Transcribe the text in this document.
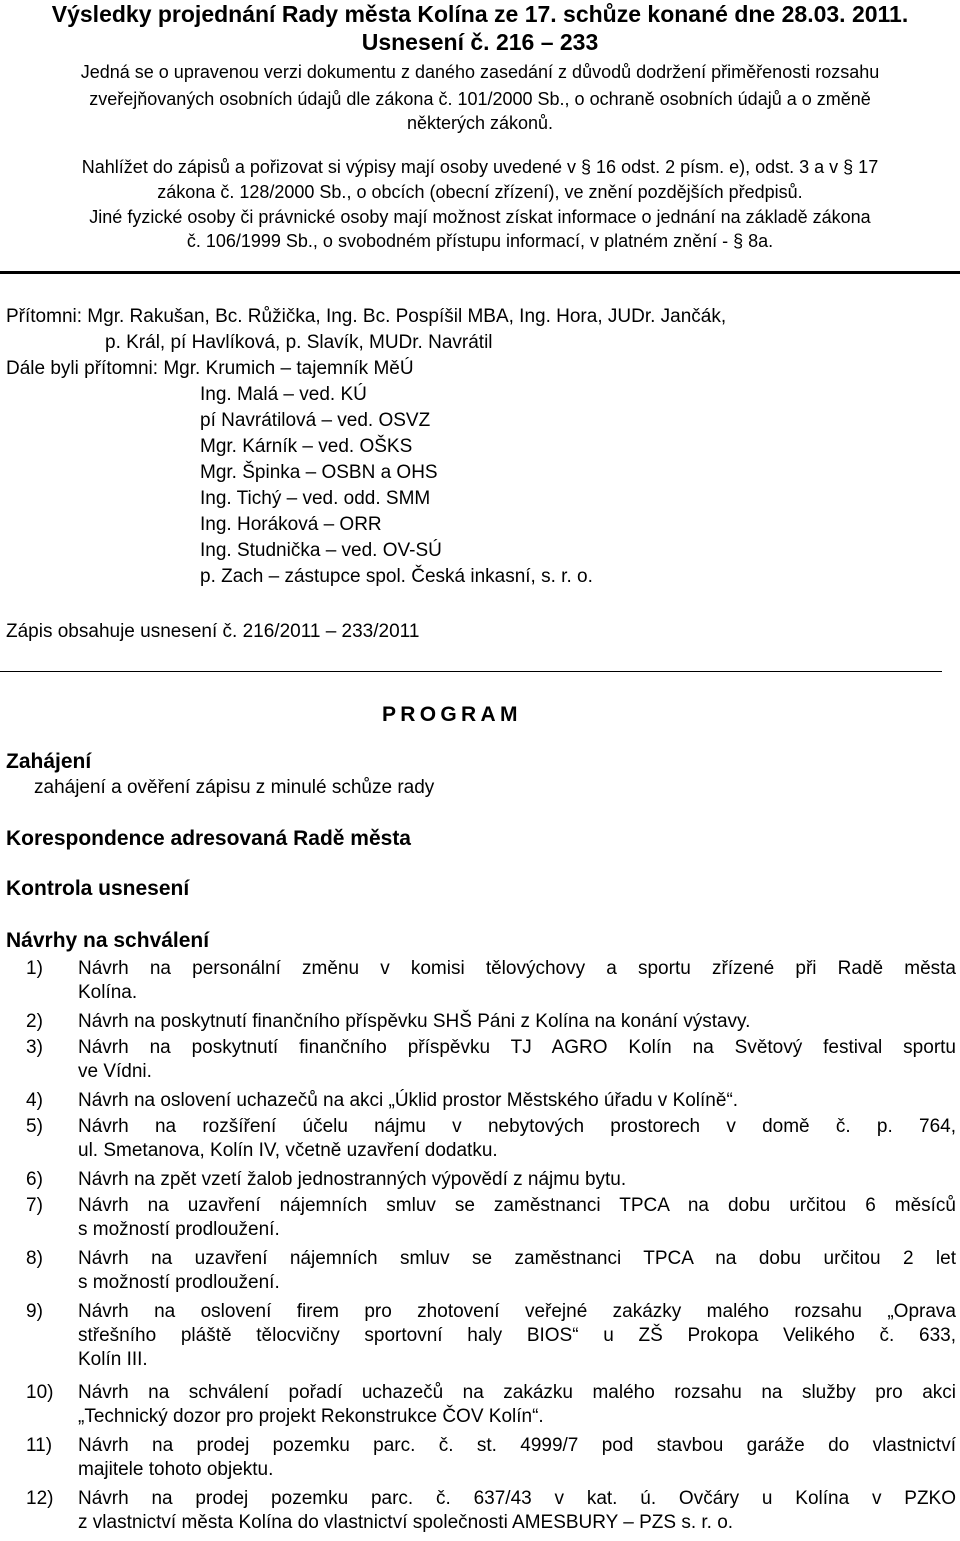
Výsledky projednání Rady města Kolína ze 17. schůze konané dne 28.03. 2011.
Usnesení č. 216 – 233
Jedná se o upravenou verzi dokumentu z daného zasedání z důvodů dodržení přiměřenosti rozsahu
zveřejňovaných osobních údajů dle zákona č. 101/2000 Sb., o ochraně osobních údajů a o změně
některých zákonů.
Nahlížet do zápisů a pořizovat si výpisy mají osoby uvedené v § 16 odst. 2 písm. e), odst. 3 a v § 17
zákona č. 128/2000 Sb., o obcích (obecní zřízení), ve znění pozdějších předpisů.
Jiné fyzické osoby či právnické osoby mají možnost získat informace o jednání na základě zákona
č. 106/1999 Sb., o svobodném přístupu informací, v platném znění - § 8a.
Přítomni: Mgr. Rakušan, Bc. Růžička, Ing. Bc. Pospíšil MBA, Ing. Hora, JUDr. Jančák,
p. Král, pí Havlíková, p. Slavík, MUDr. Navrátil
Dále byli přítomni: Mgr. Krumich – tajemník MěÚ
Ing. Malá – ved. KÚ
pí Navrátilová – ved. OSVZ
Mgr. Kárník – ved. OŠKS
Mgr. Špinka – OSBN a OHS
Ing. Tichý – ved. odd. SMM
Ing. Horáková – ORR
Ing. Studnička – ved. OV-SÚ
p. Zach – zástupce spol. Česká inkasní, s. r. o.
Zápis obsahuje usnesení č. 216/2011 – 233/2011
PROGRAM
Zahájení
zahájení a ověření zápisu z minulé schůze rady
Korespondence adresovaná Radě města
Kontrola usnesení
Návrhy na schválení
1) Návrh na personální změnu v komisi tělovýchovy a sportu zřízené při Radě města
Kolína.
2) Návrh na poskytnutí finančního příspěvku SHŠ Páni z Kolína na konání výstavy.
3) Návrh na poskytnutí finančního příspěvku TJ AGRO Kolín na Světový festival sportu
ve Vídni.
4) Návrh na oslovení uchazečů na akci „Úklid prostor Městského úřadu v Kolíně“.
5) Návrh na rozšíření účelu nájmu v nebytových prostorech v domě č. p. 764,
ul. Smetanova, Kolín IV, včetně uzavření dodatku.
6) Návrh na zpět vzetí žalob jednostranných výpovědí z nájmu bytu.
7) Návrh na uzavření nájemních smluv se zaměstnanci TPCA na dobu určitou 6 měsíců
s možností prodloužení.
8) Návrh na uzavření nájemních smluv se zaměstnanci TPCA na dobu určitou 2 let
s možností prodloužení.
9) Návrh na oslovení firem pro zhotovení veřejné zakázky malého rozsahu „Oprava
střešního pláště tělocvičny sportovní haly BIOS“ u ZŠ Prokopa Velikého č. 633,
Kolín III.
10) Návrh na schválení pořadí uchazečů na zakázku malého rozsahu na služby pro akci
„Technický dozor pro projekt Rekonstrukce ČOV Kolín“.
11) Návrh na prodej pozemku parc. č. st. 4999/7 pod stavbou garáže do vlastnictví
majitele tohoto objektu.
12) Návrh na prodej pozemku parc. č. 637/43 v kat. ú. Ovčáry u Kolína v PZKO
z vlastnictví města Kolína do vlastnictví společnosti AMESBURY – PZS s. r. o.
